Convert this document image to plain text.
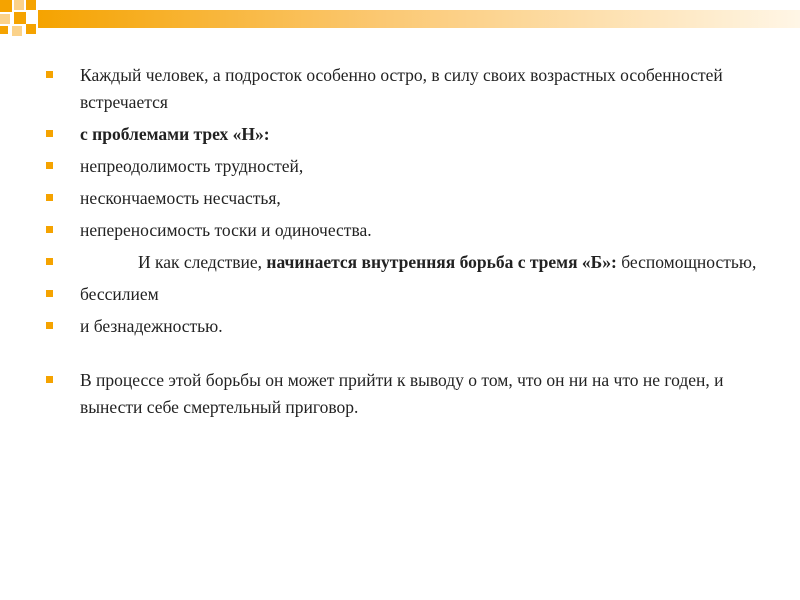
Каждый человек, а подросток особенно остро, в силу своих возрастных особенностей встречается
с проблемами трех «Н»:
непреодолимость трудностей,
нескончаемость несчастья,
непереносимость тоски и одиночества.
И как следствие, начинается внутренняя борьба с тремя «Б»: беспомощностью,
бессилием
и безнадежностью.
В процессе этой борьбы он может прийти к выводу о том, что он ни на что не годен, и вынести себе смертельный приговор.
